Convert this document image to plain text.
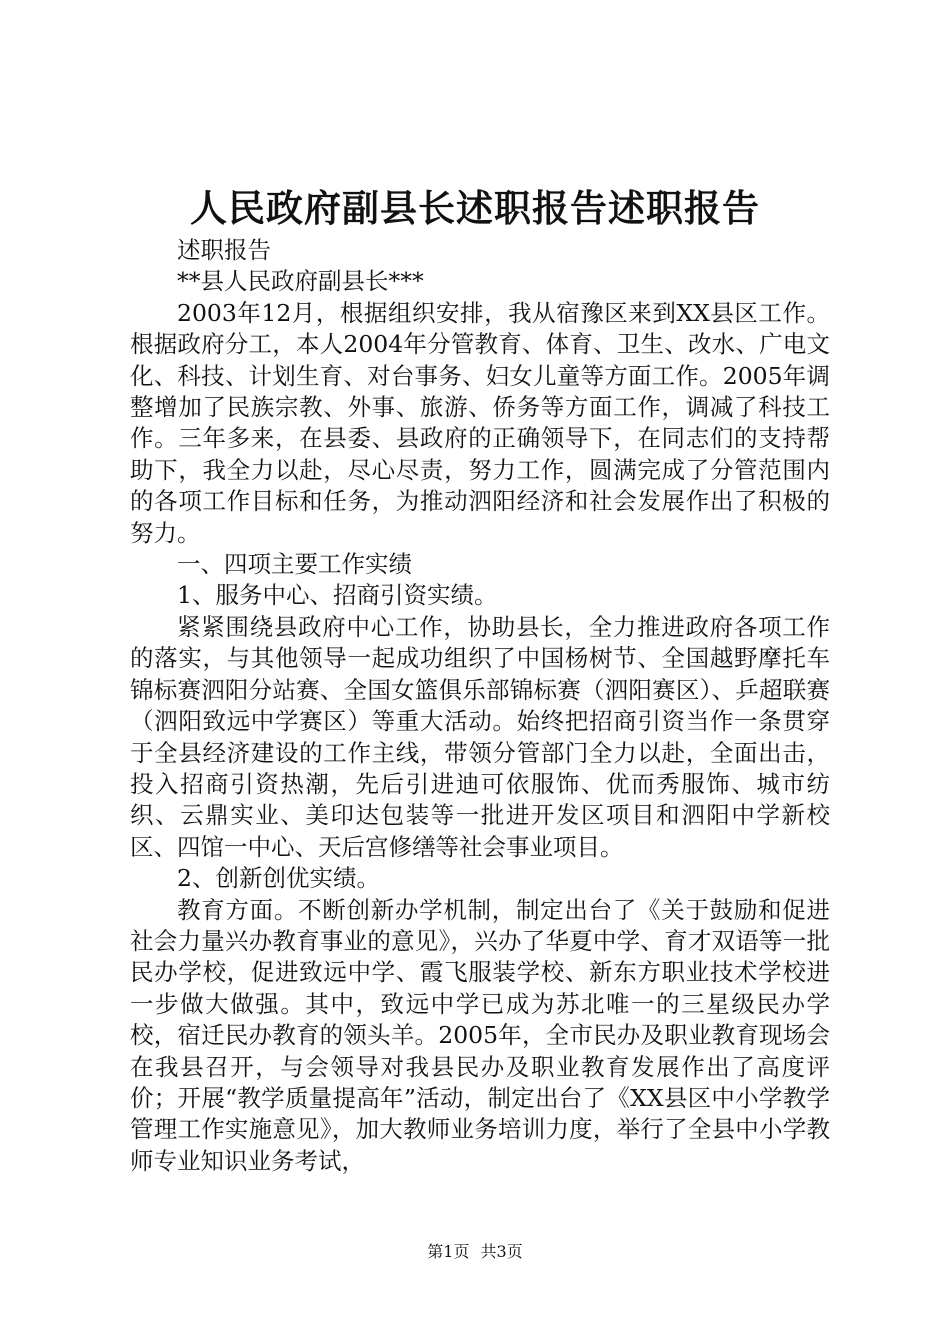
人民政府副县长述职报告述职报告

述职报告

**县人民政府副县长***

2003年12月，根据组织安排，我从宿豫区来到XX县区工作。根据政府分工，本人2004年分管教育、体育、卫生、改水、广电文化、科技、计划生育、对台事务、妇女儿童等方面工作。2005年调整增加了民族宗教、外事、旅游、侨务等方面工作，调减了科技工作。三年多来，在县委、县政府的正确领导下，在同志们的支持帮助下，我全力以赴，尽心尽责，努力工作，圆满完成了分管范围内的各项工作目标和任务，为推动泗阳经济和社会发展作出了积极的努力。

一、四项主要工作实绩

1、服务中心、招商引资实绩。

紧紧围绕县政府中心工作，协助县长，全力推进政府各项工作的落实，与其他领导一起成功组织了中国杨树节、全国越野摩托车锦标赛泗阳分站赛、全国女篮俱乐部锦标赛（泗阳赛区）、乒超联赛（泗阳致远中学赛区）等重大活动。始终把招商引资当作一条贯穿于全县经济建设的工作主线，带领分管部门全力以赴，全面出击，投入招商引资热潮，先后引进迪可依服饰、优而秀服饰、城市纺织、云鼎实业、美印达包装等一批进开发区项目和泗阳中学新校区、四馆一中心、天后宫修缮等社会事业项目。

2、创新创优实绩。

教育方面。不断创新办学机制，制定出台了《关于鼓励和促进社会力量兴办教育事业的意见》，兴办了华夏中学、育才双语等一批民办学校，促进致远中学、霞飞服装学校、新东方职业技术学校进一步做大做强。其中，致远中学已成为苏北唯一的三星级民办学校，宿迁民办教育的领头羊。2005年，全市民办及职业教育现场会在我县召开，与会领导对我县民办及职业教育发展作出了高度评价；开展“教学质量提高年”活动，制定出台了《XX县区中小学教学管理工作实施意见》，加大教师业务培训力度，举行了全县中小学教师专业知识业务考试，

第1页 共3页
